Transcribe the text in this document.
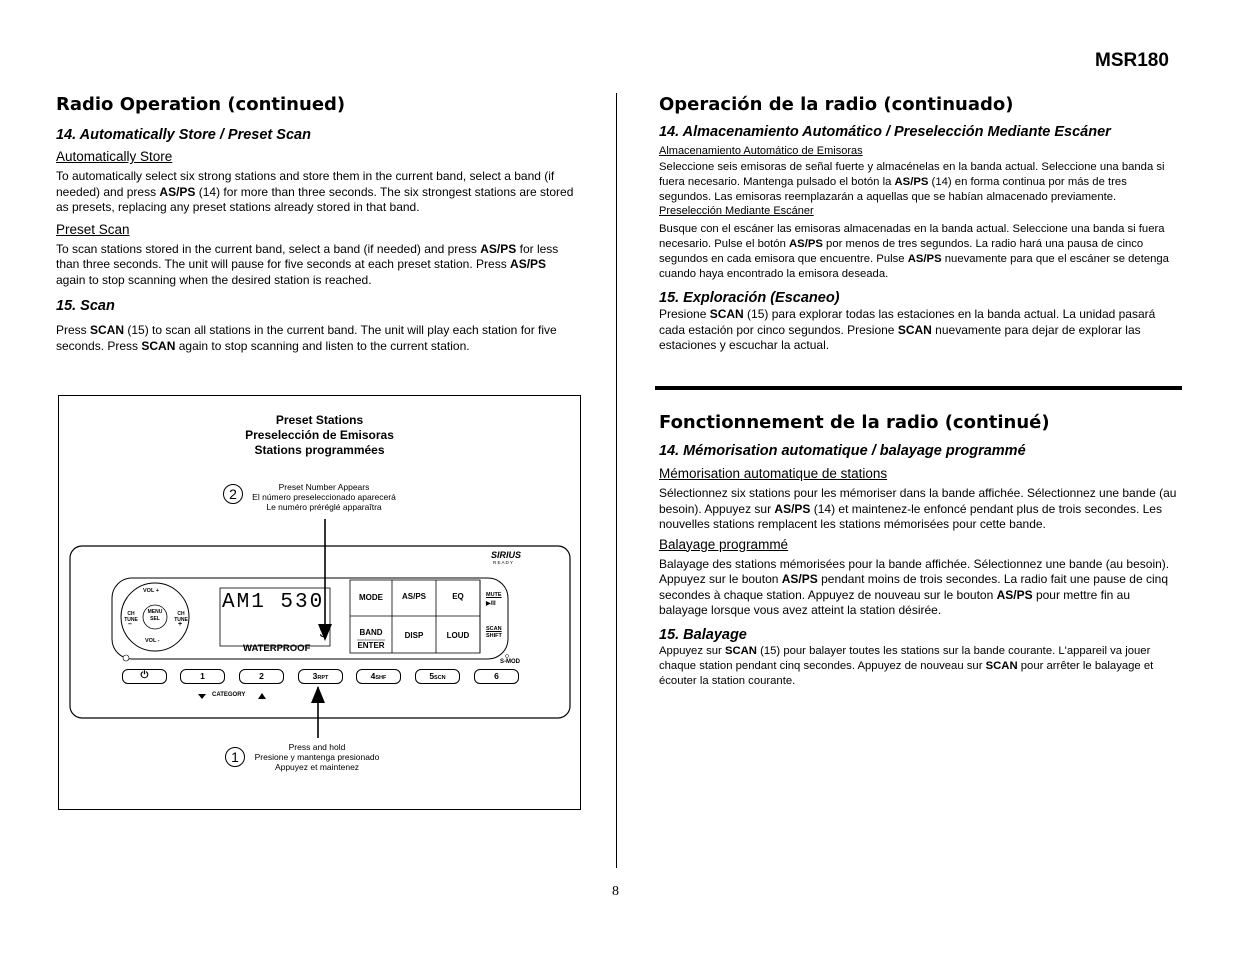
MSR180
Radio Operation (continued)
14. Automatically Store / Preset Scan
Automatically Store

To automatically select six strong stations and store them in the current band, select a band (if needed) and press AS/PS (14) for more than three seconds. The six strongest stations are stored as presets, replacing any preset stations already stored in that band.

Preset Scan

To scan stations stored in the current band, select a band (if needed) and press AS/PS for less than three seconds. The unit will pause for five seconds at each preset station. Press AS/PS again to stop scanning when the desired station is reached.

15. Scan

Press SCAN (15) to scan all stations in the current band. The unit will play each station for five seconds. Press SCAN again to stop scanning and listen to the current station.

Preset Stations
Preselección de Emisoras
Stations programmées
2	Preset Number Appears
El número preseleccionado aparecerá
Le numéro préréglé apparaîtra
1
Press and hold
Presione y mantenga presionado
Appuyez et maintenez
SIRIUS
R E A D Y
AM1 530
3
WATERPROOF
VOL +
VOL -
CH TUNE
CH TUNE
–	+
MENU SEL
MODE	AS/PS	EQ
BAND
ENTER
DISP	LOUD
MUTE
▶/II
SCAN
SHIFT
S-MOD
⏻	1	2	3RPT	4SHF	5SCN	6
CATEGORY
Operación de la radio (continuado)
14. Almacenamiento Automático / Preselección Mediante Escáner
Almacenamiento Automático de Emisoras

Seleccione seis emisoras de señal fuerte y almacénelas en la banda actual. Seleccione una banda si fuera necesario. Mantenga pulsado el botón la AS/PS (14) en forma continua por más de tres segundos. Las emisoras reemplazarán a aquellas que se habían almacenado previamente.

Preselección Mediante Escáner

Busque con el escáner las emisoras almacenadas en la banda actual. Seleccione una banda si fuera necesario. Pulse el botón AS/PS por menos de tres segundos. La radio hará una pausa de cinco segundos en cada emisora que encuentre. Pulse AS/PS nuevamente para que el escáner se detenga cuando haya encontrado la emisora deseada.

15. Exploración (Escaneo)

Presione SCAN (15) para explorar todas las estaciones en la banda actual. La unidad pasará cada estación por cinco segundos. Presione SCAN nuevamente para dejar de explorar las estaciones y escuchar la actual.

Fonctionnement de la radio (continué)
14. Mémorisation automatique / balayage programmé
Mémorisation automatique de stations

Sélectionnez six stations pour les mémoriser dans la bande affichée. Sélectionnez une bande (au besoin). Appuyez sur AS/PS (14) et maintenez-le enfoncé pendant plus de trois secondes. Les nouvelles stations remplacent les stations mémorisées pour cette bande.

Balayage programmé

Balayage des stations mémorisées pour la bande affichée. Sélectionnez une bande (au besoin). Appuyez sur le bouton AS/PS pendant moins de trois secondes. La radio fait une pause de cinq secondes à chaque station. Appuyez de nouveau sur le bouton AS/PS pour mettre fin au balayage lorsque vous avez atteint la station désirée.

15. Balayage

Appuyez sur SCAN (15) pour balayer toutes les stations sur la bande courante. L'appareil va jouer chaque station pendant cinq secondes. Appuyez de nouveau sur SCAN pour arrêter le balayage et écouter la station courante.

8
